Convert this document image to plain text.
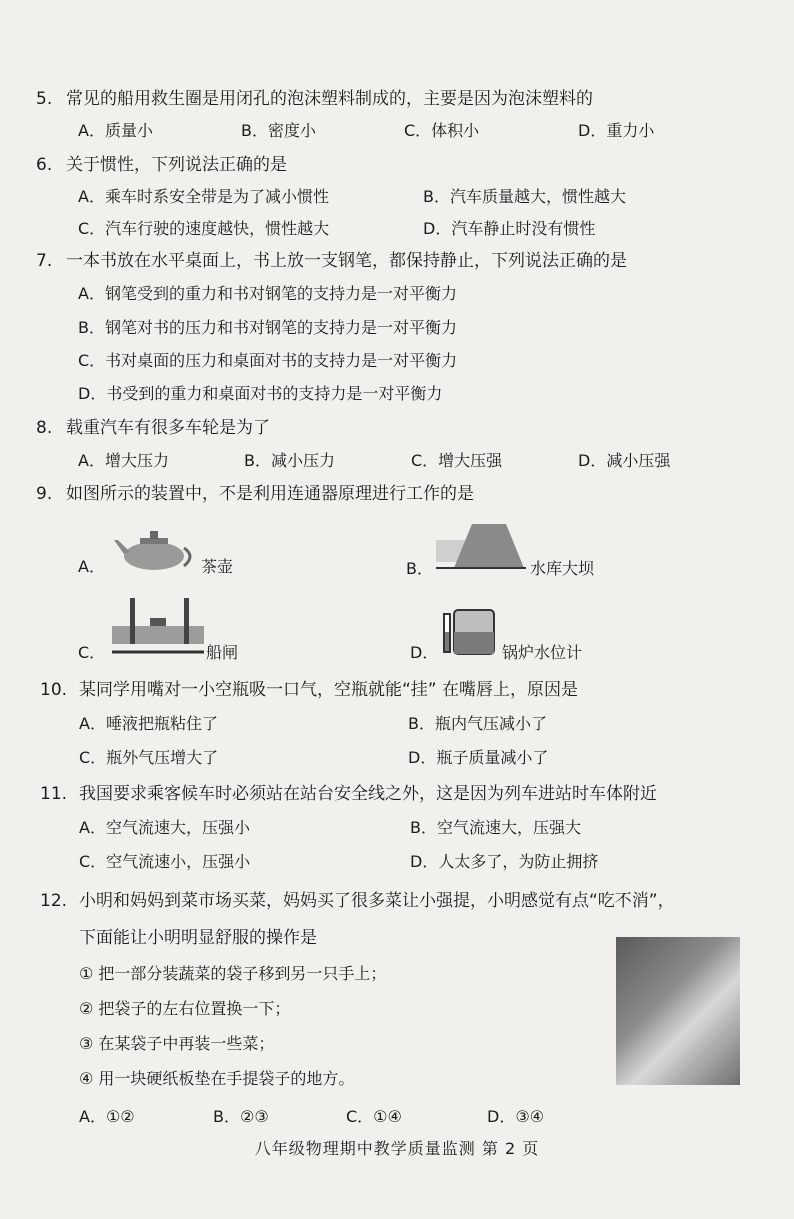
5. 常见的船用救生圈是用闭孔的泡沫塑料制成的，主要是因为泡沫塑料的
A．质量小	B．密度小	C．体积小	D．重力小
6. 关于惯性，下列说法正确的是
A．乘车时系安全带是为了减小惯性	B．汽车质量越大，惯性越大
C．汽车行驶的速度越快，惯性越大	D．汽车静止时没有惯性
7. 一本书放在水平桌面上，书上放一支钢笔，都保持静止，下列说法正确的是
A．钢笔受到的重力和书对钢笔的支持力是一对平衡力
B．钢笔对书的压力和书对钢笔的支持力是一对平衡力
C．书对桌面的压力和桌面对书的支持力是一对平衡力
D．书受到的重力和桌面对书的支持力是一对平衡力
8. 载重汽车有很多车轮是为了
A．增大压力	B．减小压力	C．增大压强	D．减小压强
9. 如图所示的装置中，不是利用连通器原理进行工作的是
A．	茶壶	B．	水库大坝
C．	船闸	D．	锅炉水位计
10. 某同学用嘴对一小空瓶吸一口气，空瓶就能“挂” 在嘴唇上，原因是
A．唾液把瓶粘住了	B．瓶内气压减小了
C．瓶外气压增大了	D．瓶子质量减小了
11. 我国要求乘客候车时必须站在站台安全线之外，这是因为列车进站时车体附近
A．空气流速大，压强小	B．空气流速大，压强大
C．空气流速小，压强小	D．人太多了，为防止拥挤
12. 小明和妈妈到菜市场买菜，妈妈买了很多菜让小强提，小明感觉有点“吃不消”，
下面能让小明明显舒服的操作是
① 把一部分装蔬菜的袋子移到另一只手上；
② 把袋子的左右位置换一下；
③ 在某袋子中再装一些菜；
④ 用一块硬纸板垫在手提袋子的地方。
A．①②	B．②③	C．①④	D．③④
八年级物理期中教学质量监测 第 2 页
